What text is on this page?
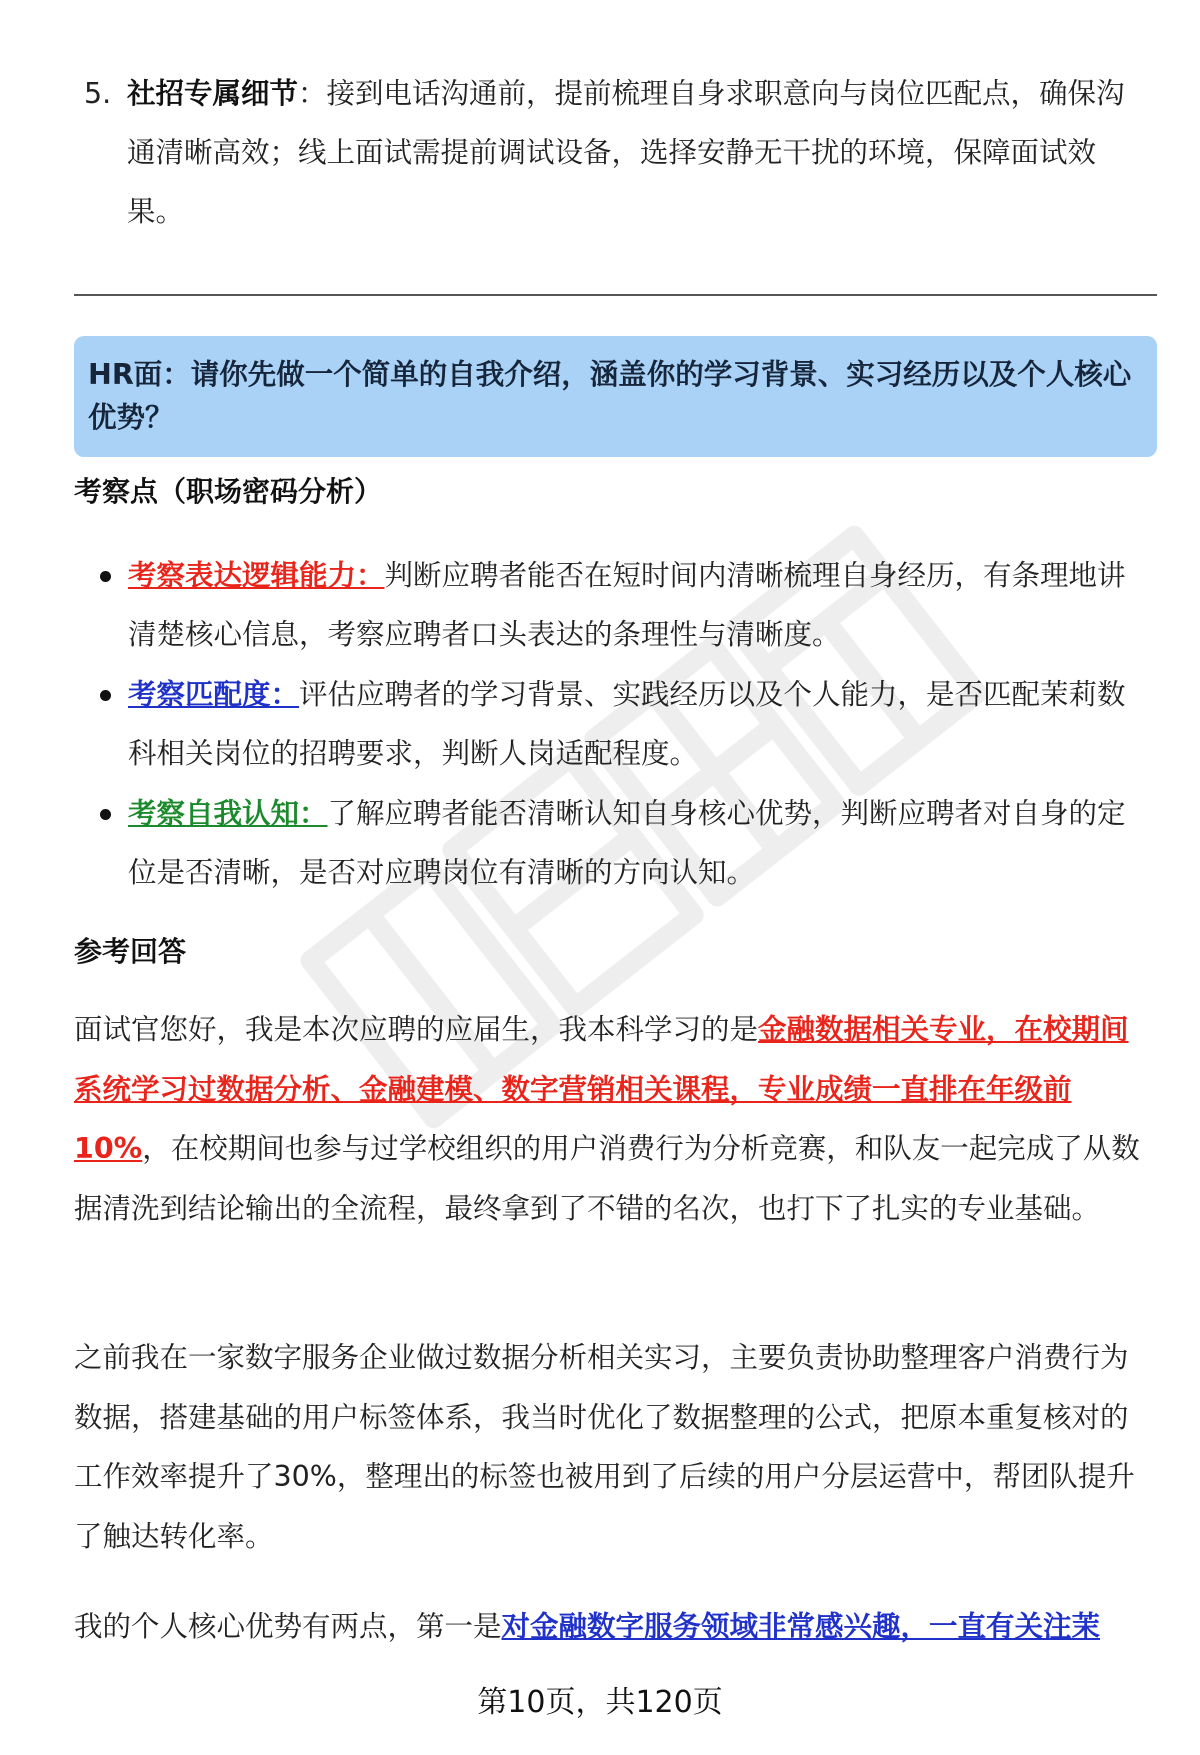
5. 社招专属细节：接到电话沟通前，提前梳理自身求职意向与岗位匹配点，确保沟通清晰高效；线上面试需提前调试设备，选择安静无干扰的环境，保障面试效果。
HR面：请你先做一个简单的自我介绍，涵盖你的学习背景、实习经历以及个人核心优势？
考察点（职场密码分析）
考察表达逻辑能力：判断应聘者能否在短时间内清晰梳理自身经历，有条理地讲清楚核心信息，考察应聘者口头表达的条理性与清晰度。
考察匹配度：评估应聘者的学习背景、实践经历以及个人能力，是否匹配茉莉数科相关岗位的招聘要求，判断人岗适配程度。
考察自我认知：了解应聘者能否清晰认知自身核心优势，判断应聘者对自身的定位是否清晰，是否对应聘岗位有清晰的方向认知。
参考回答
面试官您好，我是本次应聘的应届生，我本科学习的是金融数据相关专业，在校期间系统学习过数据分析、金融建模、数字营销相关课程，专业成绩一直排在年级前10%，在校期间也参与过学校组织的用户消费行为分析竞赛，和队友一起完成了从数据清洗到结论输出的全流程，最终拿到了不错的名次，也打下了扎实的专业基础。
之前我在一家数字服务企业做过数据分析相关实习，主要负责协助整理客户消费行为数据，搭建基础的用户标签体系，我当时优化了数据整理的公式，把原本重复核对的工作效率提升了30%，整理出的标签也被用到了后续的用户分层运营中，帮团队提升了触达转化率。
我的个人核心优势有两点，第一是对金融数字服务领域非常感兴趣，一直有关注茉
第10页，共120页
